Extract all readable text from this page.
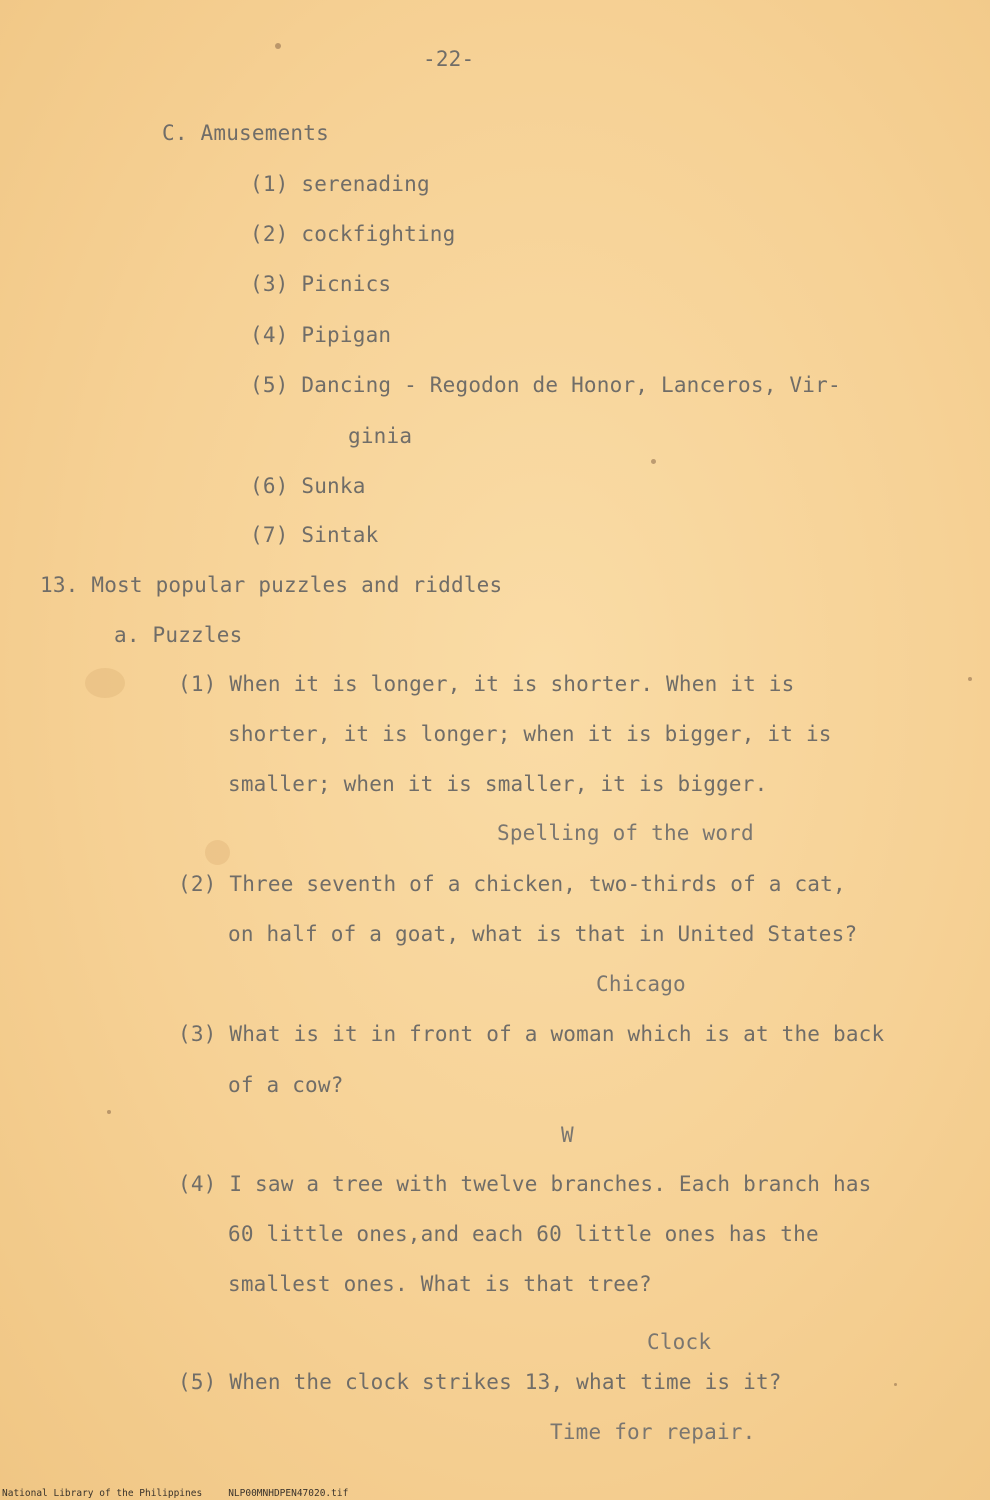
-22-
C. Amusements
(1) serenading
(2) cockfighting
(3) Picnics
(4) Pipigan
(5) Dancing - Regodon de Honor, Lanceros, Vir-
ginia
(6) Sunka
(7) Sintak
13. Most popular puzzles and riddles
a. Puzzles
(1) When it is longer, it is shorter. When it is
shorter, it is longer; when it is bigger, it is
smaller; when it is smaller, it is bigger.
Spelling of the word
(2) Three seventh of a chicken, two-thirds of a cat,
on half of a goat, what is that in United States?
Chicago
(3) What is it in front of a woman which is at the back
of a cow?
W
(4) I saw a tree with twelve branches. Each branch has
60 little ones,and each 60 little ones has the
smallest ones. What is that tree?
Clock
(5) When the clock strikes 13, what time is it?
Time for repair.
National Library of the Philippines	NLP00MNHDPEN47020.tif
